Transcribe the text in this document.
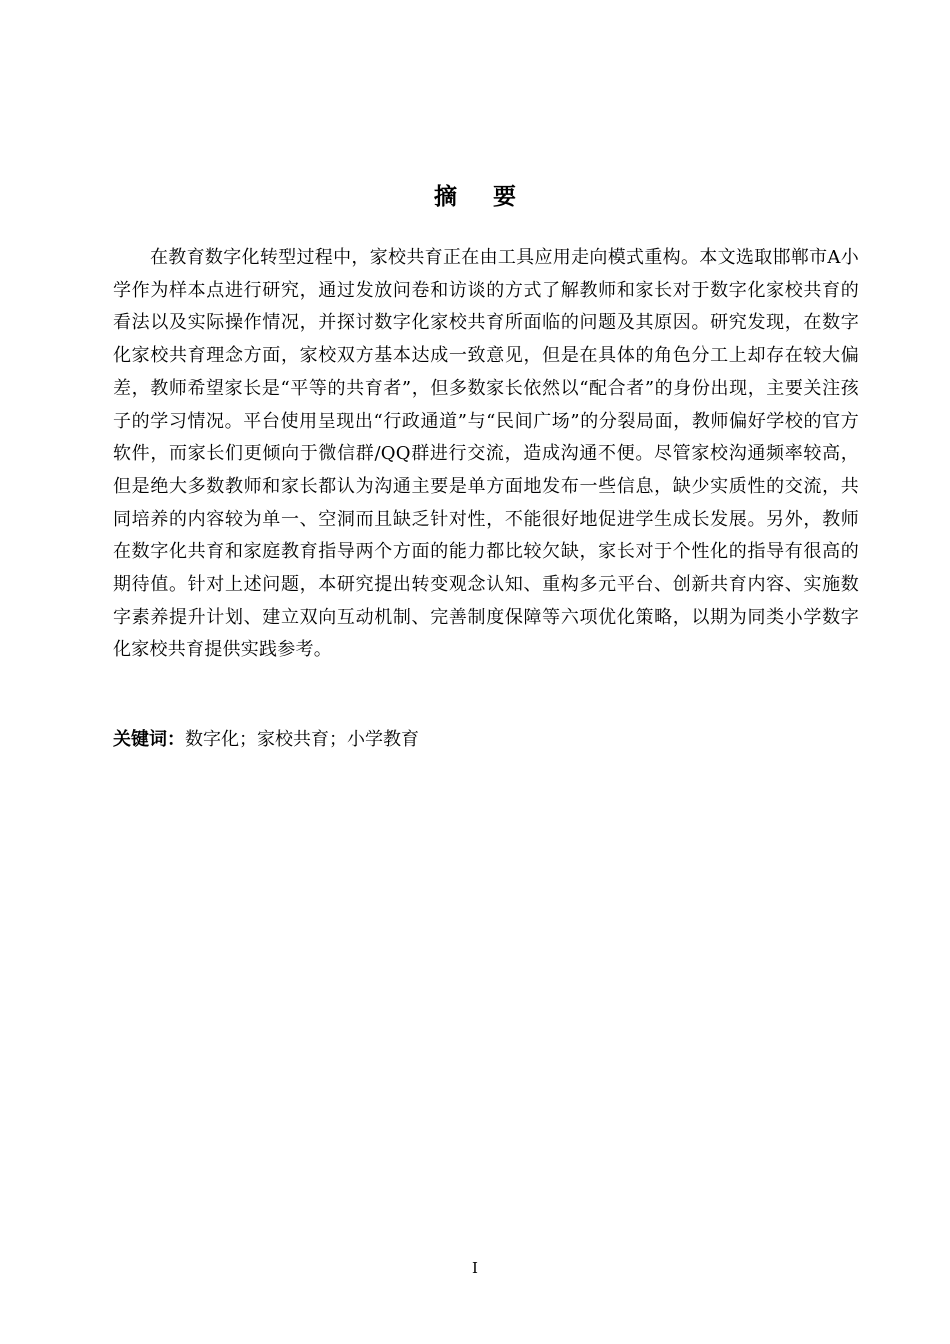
摘 要

在教育数字化转型过程中，家校共育正在由工具应用走向模式重构。本文选取邯郸市A小学作为样本点进行研究，通过发放问卷和访谈的方式了解教师和家长对于数字化家校共育的看法以及实际操作情况，并探讨数字化家校共育所面临的问题及其原因。研究发现，在数字化家校共育理念方面，家校双方基本达成一致意见，但是在具体的角色分工上却存在较大偏差，教师希望家长是“平等的共育者”，但多数家长依然以“配合者”的身份出现，主要关注孩子的学习情况。平台使用呈现出“行政通道”与“民间广场”的分裂局面，教师偏好学校的官方软件，而家长们更倾向于微信群/QQ群进行交流，造成沟通不便。尽管家校沟通频率较高，但是绝大多数教师和家长都认为沟通主要是单方面地发布一些信息，缺少实质性的交流，共同培养的内容较为单一、空洞而且缺乏针对性，不能很好地促进学生成长发展。另外，教师在数字化共育和家庭教育指导两个方面的能力都比较欠缺，家长对于个性化的指导有很高的期待值。针对上述问题，本研究提出转变观念认知、重构多元平台、创新共育内容、实施数字素养提升计划、建立双向互动机制、完善制度保障等六项优化策略，以期为同类小学数字化家校共育提供实践参考。

关键词：数字化；家校共育；小学教育

I
